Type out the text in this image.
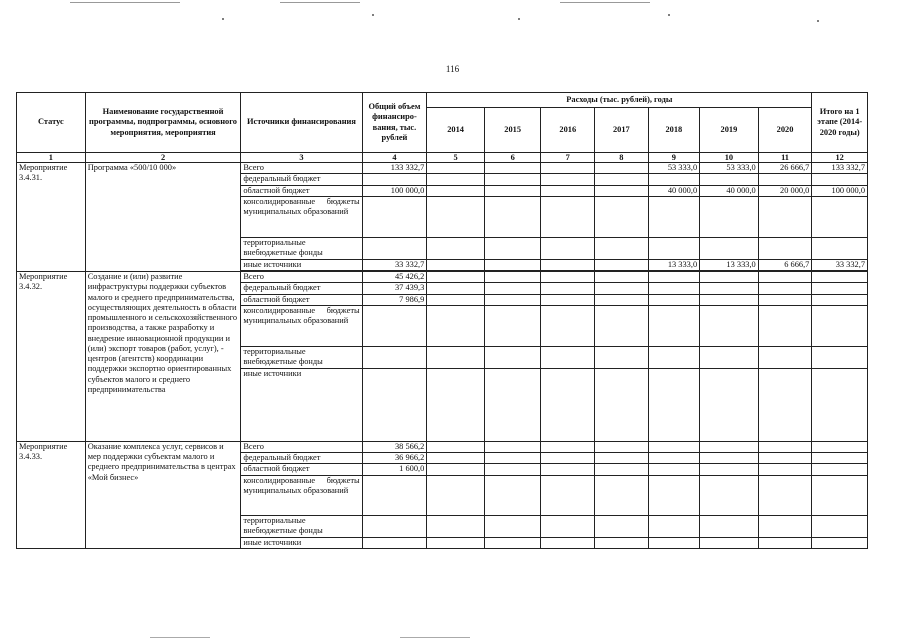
116
Статус	Наименование государственной программы, подпрограммы, основного мероприятия, мероприятия	Источники финансирования	Общий объем финансиро-вания, тыс. рублей	Расходы (тыс. рублей), годы							Итого на 1 этапе (2014-2020 годы)
				2014	2015	2016	2017	2018	2019	2020	
1	2	3	4	5	6	7	8	9	10	11	12
Мероприятие 3.4.31.	Программа «500/10 000»	Всего	133 332,7					53 333,0	53 333,0	26 666,7	133 332,7
		федеральный бюджет									
		областной бюджет	100 000,0					40 000,0	40 000,0	20 000,0	100 000,0
		консолидированные бюджеты муниципальных образований									
		территориальные внебюджетные фонды									
		иные источники	33 332,7					13 333,0	13 333,0	6 666,7	33 332,7

Мероприятие 3.4.32.	Создание и (или) развитие инфраструктуры поддержки субъектов малого и среднего предпринимательства, осуществляющих деятельность в области промышленного и сельскохозяйственного производства, а также разработку и внедрение инновационной продукции и (или) экспорт товаров (работ, услуг), - центров (агентств) координации поддержки экспортно ориентированных субъектов малого и среднего предпринимательства	Всего	45 426,2								
		федеральный бюджет	37 439,3								
		областной бюджет	7 986,9								
		консолидированные бюджеты муниципальных образований									
		территориальные внебюджетные фонды									
		иные источники									
Мероприятие 3.4.33.	Оказание комплекса услуг, сервисов и мер поддержки субъектам малого и среднего предпринимательства в центрах «Мой бизнес»	Всего	38 566,2								
		федеральный бюджет	36 966,2								
		областной бюджет	1 600,0								
		консолидированные бюджеты муниципальных образований									
		территориальные внебюджетные фонды									
		иные источники									
